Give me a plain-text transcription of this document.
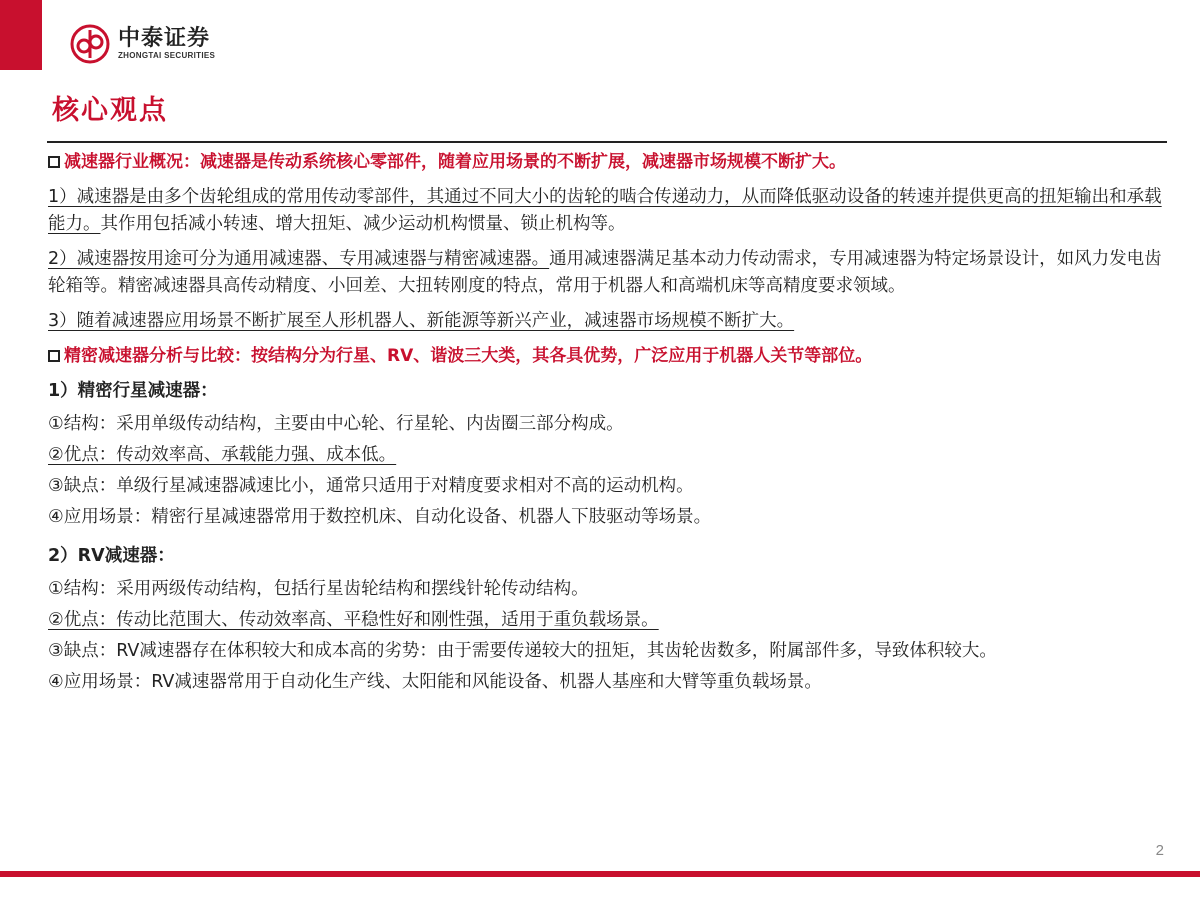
中泰证券
ZHONGTAI SECURITIES
核心观点
减速器行业概况：减速器是传动系统核心零部件，随着应用场景的不断扩展，减速器市场规模不断扩大。
1）减速器是由多个齿轮组成的常用传动零部件，其通过不同大小的齿轮的啮合传递动力，从而降低驱动设备的转速并提供更高的扭矩输出和承载能力。其作用包括减小转速、增大扭矩、减少运动机构惯量、锁止机构等。
2）减速器按用途可分为通用减速器、专用减速器与精密减速器。通用减速器满足基本动力传动需求，专用减速器为特定场景设计，如风力发电齿轮箱等。精密减速器具高传动精度、小回差、大扭转刚度的特点，常用于机器人和高端机床等高精度要求领域。
3）随着减速器应用场景不断扩展至人形机器人、新能源等新兴产业，减速器市场规模不断扩大。
精密减速器分析与比较：按结构分为行星、RV、谐波三大类，其各具优势，广泛应用于机器人关节等部位。
1）精密行星减速器：
①结构：采用单级传动结构，主要由中心轮、行星轮、内齿圈三部分构成。
②优点：传动效率高、承载能力强、成本低。
③缺点：单级行星减速器减速比小，通常只适用于对精度要求相对不高的运动机构。
④应用场景：精密行星减速器常用于数控机床、自动化设备、机器人下肢驱动等场景。
2）RV减速器：
①结构：采用两级传动结构，包括行星齿轮结构和摆线针轮传动结构。
②优点：传动比范围大、传动效率高、平稳性好和刚性强，适用于重负载场景。
③缺点：RV减速器存在体积较大和成本高的劣势：由于需要传递较大的扭矩，其齿轮齿数多，附属部件多，导致体积较大。
④应用场景：RV减速器常用于自动化生产线、太阳能和风能设备、机器人基座和大臂等重负载场景。
2
